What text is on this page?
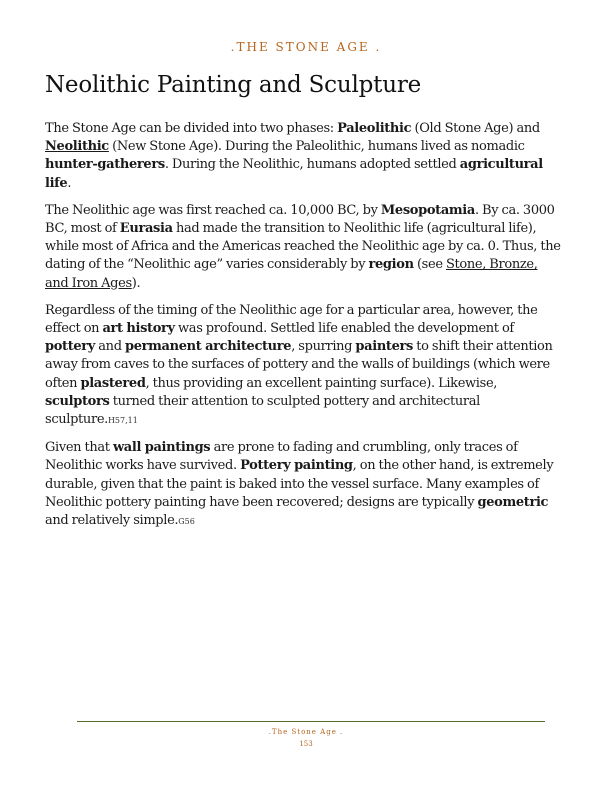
.THE STONE AGE .
Neolithic Painting and Sculpture

The Stone Age can be divided into two phases: Paleolithic (Old Stone Age) and Neolithic (New Stone Age). During the Paleolithic, humans lived as nomadic hunter-gatherers. During the Neolithic, humans adopted settled agricultural life.

The Neolithic age was first reached ca. 10,000 BC, by Mesopotamia. By ca. 3000 BC, most of Eurasia had made the transition to Neolithic life (agricultural life), while most of Africa and the Americas reached the Neolithic age by ca. 0. Thus, the dating of the “Neolithic age” varies considerably by region (see Stone, Bronze, and Iron Ages).

Regardless of the timing of the Neolithic age for a particular area, however, the effect on art history was profound. Settled life enabled the development of pottery and permanent architecture, spurring painters to shift their attention away from caves to the surfaces of pottery and the walls of buildings (which were often plastered, thus providing an excellent painting surface). Likewise, sculptors turned their attention to sculpted pottery and architectural sculpture.H57,11

Given that wall paintings are prone to fading and crumbling, only traces of Neolithic works have survived. Pottery painting, on the other hand, is extremely durable, given that the paint is baked into the vessel surface. Many examples of Neolithic pottery painting have been recovered; designs are typically geometric and relatively simple.G56

.The Stone Age .
153
